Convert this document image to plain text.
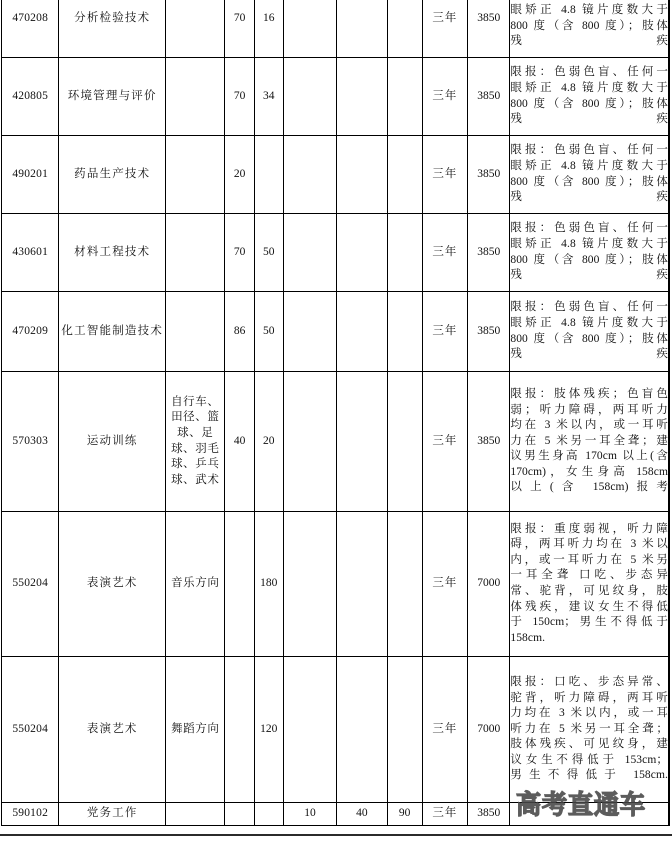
470208	分析检验技术		70	16				三年	3850	眼矫正 4.8 镜片度数大于
800 度（含 800 度）；肢体
残疾

420805	环境管理与评价		70	34				三年	3850	限报：色弱色盲、任何一
眼矫正 4.8 镜片度数大于
800 度（含 800 度）；肢体
残疾

490201	药品生产技术		20					三年	3850	限报：色弱色盲、任何一
眼矫正 4.8 镜片度数大于
800 度（含 800 度）；肢体
残疾

430601	材料工程技术		70	50				三年	3850	限报：色弱色盲、任何一
眼矫正 4.8 镜片度数大于
800 度（含 800 度）；肢体
残疾

470209	化工智能制造技术		86	50				三年	3850	限报：色弱色盲、任何一
眼矫正 4.8 镜片度数大于
800 度（含 800 度）；肢体
残疾

570303	运动训练	自行车、田径、篮球、足球、羽毛球、乒乓球、武术	40	20				三年	3850	
限报：肢体残疾；色盲色
弱；听力障碍，两耳听力
均在 3 米以内，或一耳听
力在 5 米另一耳全聋；建
议男生身高 170cm 以上(含
170cm)，女生身高 158cm
以上(含 158cm)报考

550204	表演艺术	音乐方向		180				三年	7000	
限报：重度弱视，听力障
碍，两耳听力均在 3 米以
内，或一耳听力在 5 米另
一耳全聋 口吃、步态异
常、驼背，可见纹身，肢
体残疾，建议女生不得低
于 150cm；男生不得低于
158cm.

550204	表演艺术	舞蹈方向		120				三年	7000	
限报：口吃、步态异常、
驼背，听力障碍，两耳听
力均在 3 米以内，或一耳
听力在 5 米另一耳全聋；
肢体残疾、可见纹身，建
议女生不得低于 153cm；
男生不得低于 158cm.

590102	党务工作				10	40	90	三年	3850	
